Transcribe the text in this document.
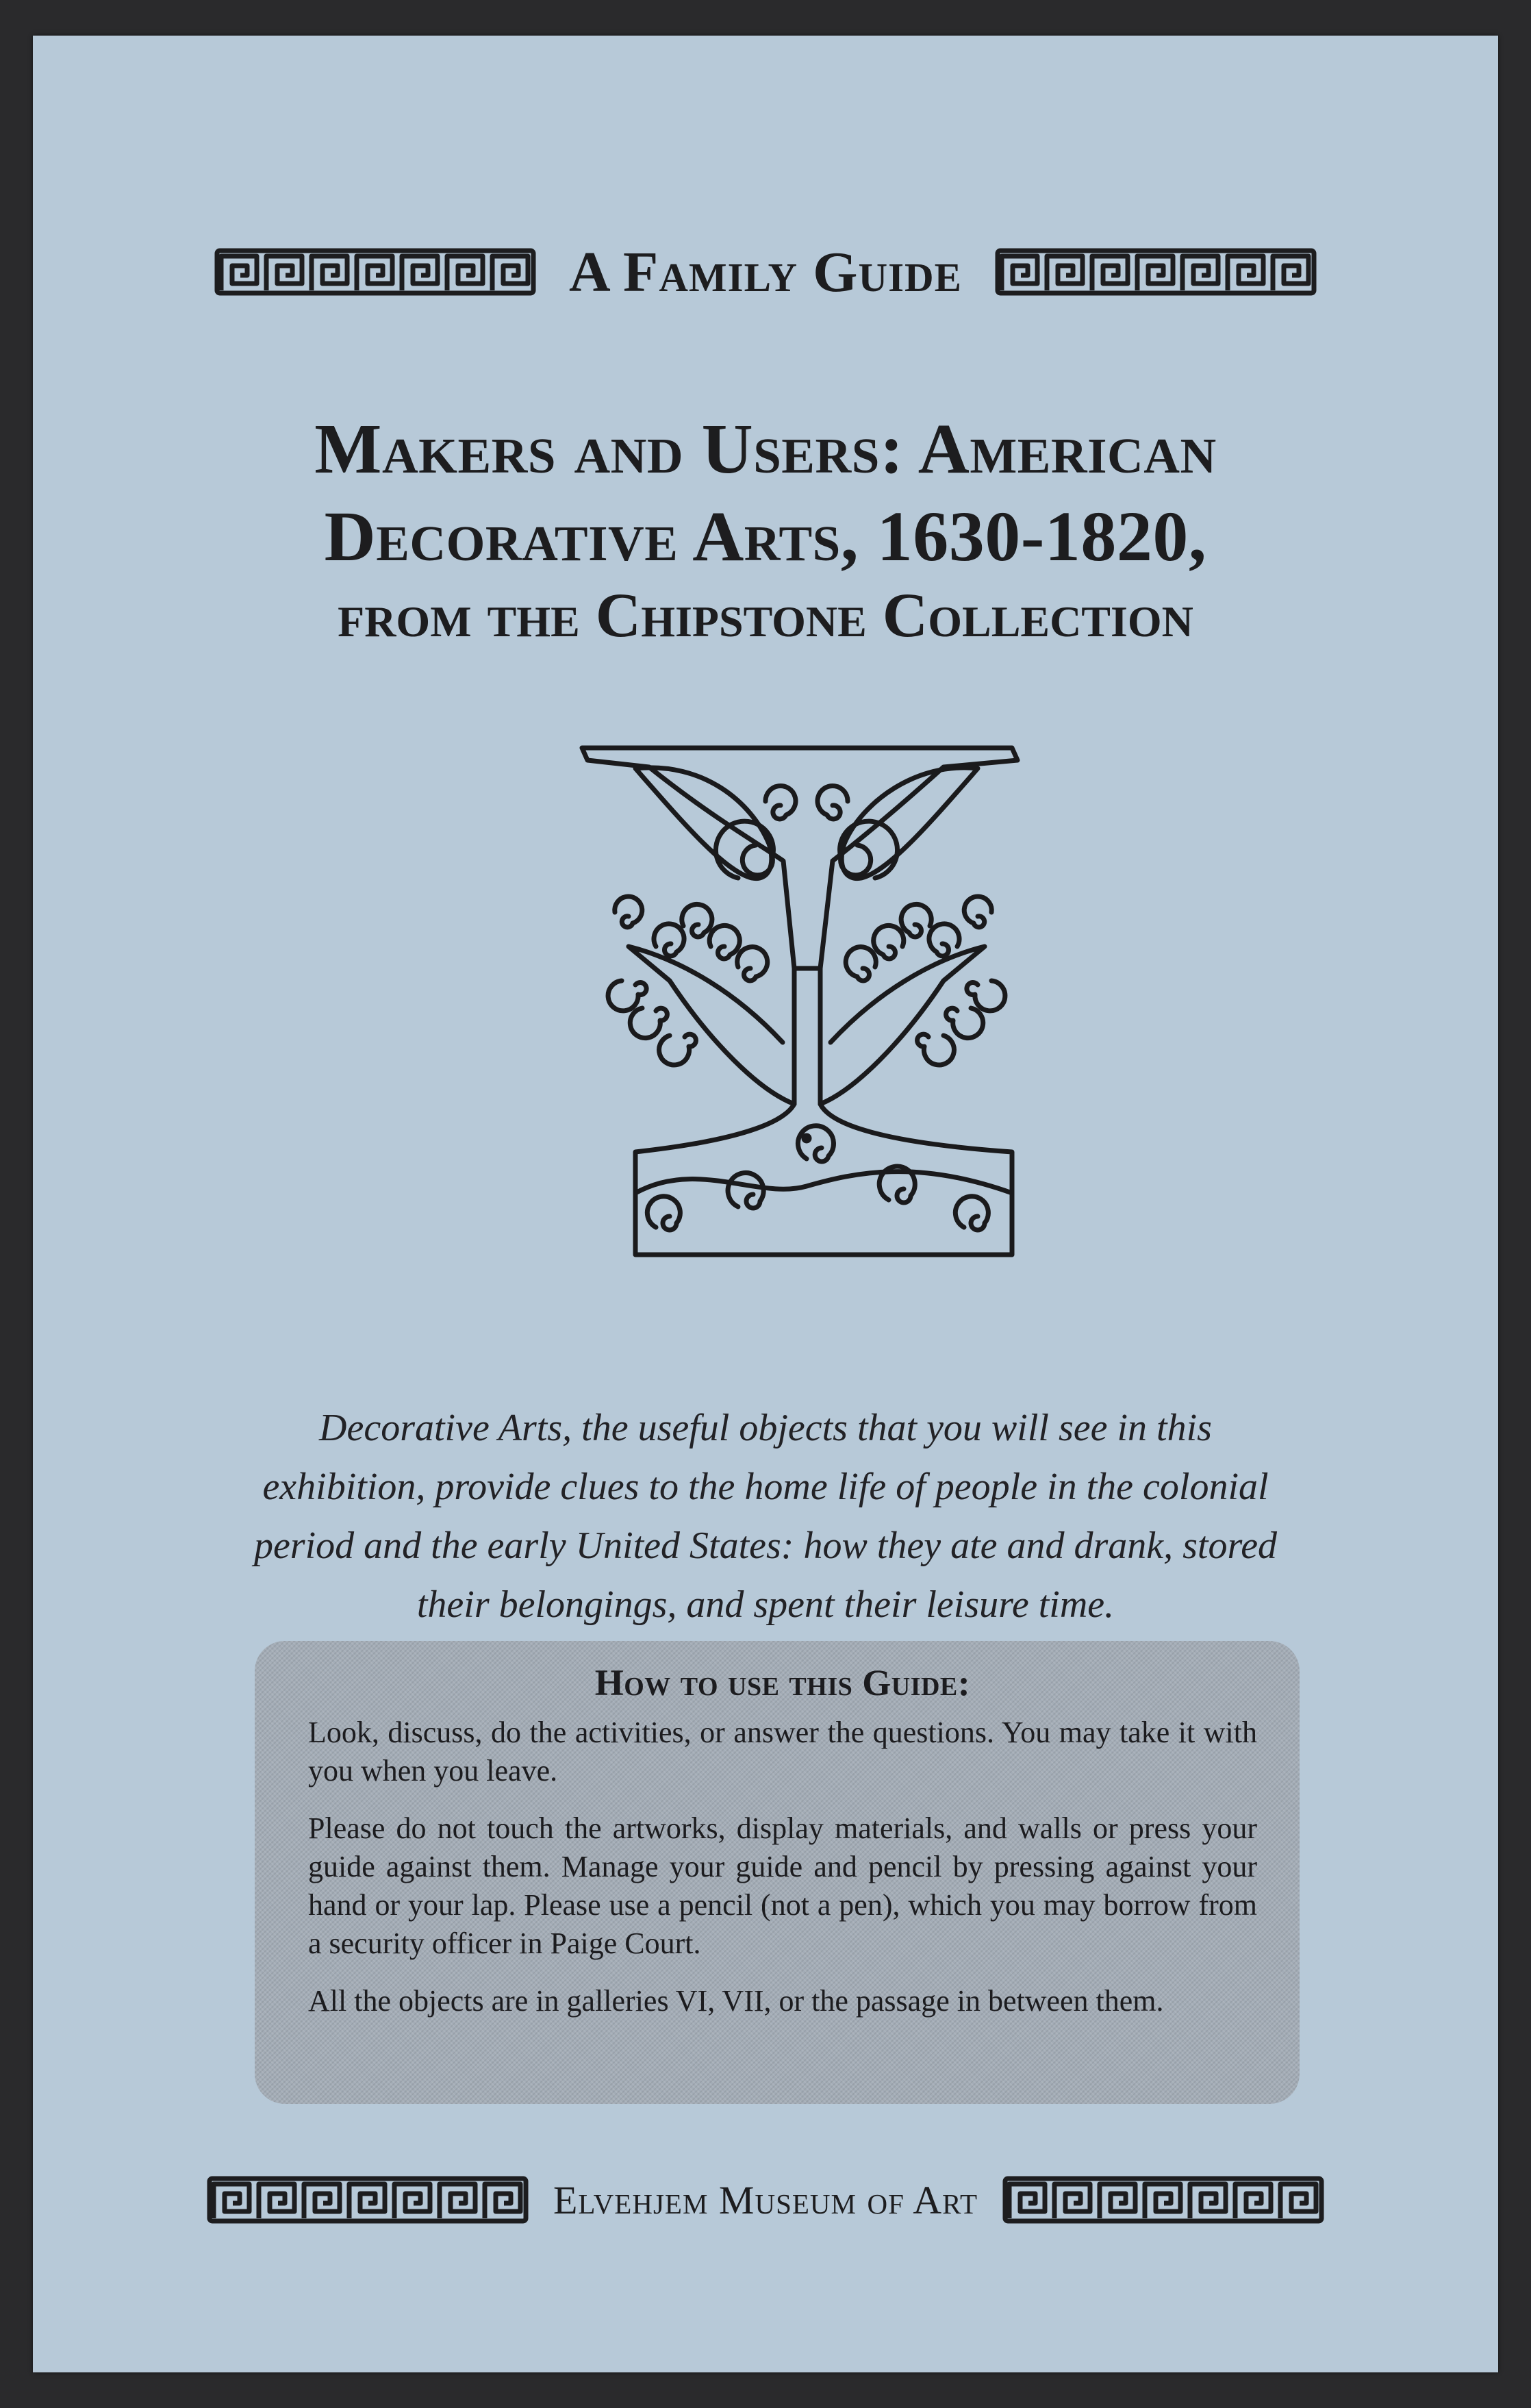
A Family Guide
Makers and Users: American
Decorative Arts, 1630-1820,
from the Chipstone Collection
Decorative Arts, the useful objects that you will see in this exhibition, provide clues to the home life of people in the colonial period and the early United States: how they ate and drank, stored their belongings, and spent their leisure time.
How to use this Guide:

Look, discuss, do the activities, or answer the questions. You may take it with you when you leave.

Please do not touch the artworks, display materials, and walls or press your guide against them. Manage your guide and pencil by pressing against your hand or your lap. Please use a pencil (not a pen), which you may borrow from a security officer in Paige Court.

All the objects are in galleries VI, VII, or the passage in between them.

Elvehjem Museum of Art
